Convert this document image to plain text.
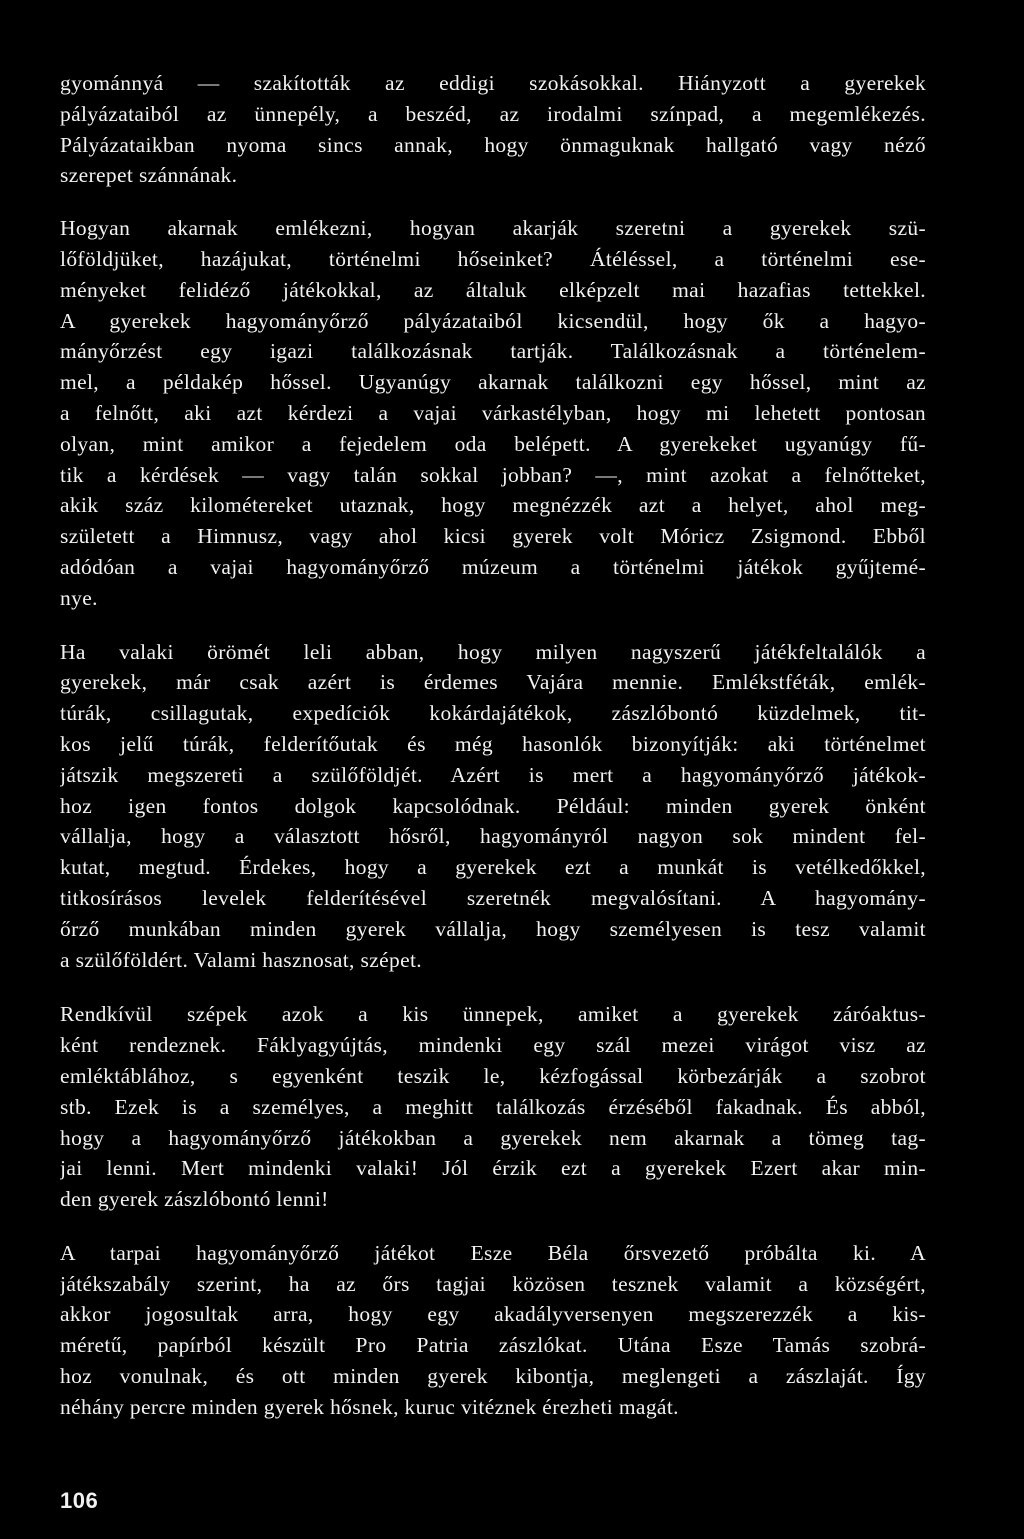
gyománnyá — szakították az eddigi szokásokkal. Hiányzott a gyerekek
pályázataiból az ünnepély, a beszéd, az irodalmi színpad, a megemlékezés.
Pályázataikban nyoma sincs annak, hogy önmaguknak hallgató vagy néző
szerepet szánnának.

Hogyan akarnak emlékezni, hogyan akarják szeretni a gyerekek szü-
lőföldjüket, hazájukat, történelmi hőseinket? Átéléssel, a történelmi ese-
ményeket felidéző játékokkal, az általuk elképzelt mai hazafias tettekkel.
A gyerekek hagyományőrző pályázataiból kicsendül, hogy ők a hagyo-
mányőrzést egy igazi találkozásnak tartják. Találkozásnak a történelem-
mel, a példakép hőssel. Ugyanúgy akarnak találkozni egy hőssel, mint az
a felnőtt, aki azt kérdezi a vajai várkastélyban, hogy mi lehetett pontosan
olyan, mint amikor a fejedelem oda belépett. A gyerekeket ugyanúgy fű-
tik a kérdések — vagy talán sokkal jobban? —, mint azokat a felnőtteket,
akik száz kilométereket utaznak, hogy megnézzék azt a helyet, ahol meg-
született a Himnusz, vagy ahol kicsi gyerek volt Móricz Zsigmond. Ebből
adódóan a vajai hagyományőrző múzeum a történelmi játékok gyűjtemé-
nye.

Ha valaki örömét leli abban, hogy milyen nagyszerű játékfeltalálók a
gyerekek, már csak azért is érdemes Vajára mennie. Emlékstféták, emlék-
túrák, csillagutak, expedíciók kokárdajátékok, zászlóbontó küzdelmek, tit-
kos jelű túrák, felderítőutak és még hasonlók bizonyítják: aki történelmet
játszik megszereti a szülőföldjét. Azért is mert a hagyományőrző játékok-
hoz igen fontos dolgok kapcsolódnak. Például: minden gyerek önként
vállalja, hogy a választott hősről, hagyományról nagyon sok mindent fel-
kutat, megtud. Érdekes, hogy a gyerekek ezt a munkát is vetélkedőkkel,
titkosírásos levelek felderítésével szeretnék megvalósítani. A hagyomány-
őrző munkában minden gyerek vállalja, hogy személyesen is tesz valamit
a szülőföldért. Valami hasznosat, szépet.

Rendkívül szépek azok a kis ünnepek, amiket a gyerekek záróaktus-
ként rendeznek. Fáklyagyújtás, mindenki egy szál mezei virágot visz az
emléktáblához, s egyenként teszik le, kézfogással körbezárják a szobrot
stb. Ezek is a személyes, a meghitt találkozás érzéséből fakadnak. És abból,
hogy a hagyományőrző játékokban a gyerekek nem akarnak a tömeg tag-
jai lenni. Mert mindenki valaki! Jól érzik ezt a gyerekek Ezert akar min-
den gyerek zászlóbontó lenni!

A tarpai hagyományőrző játékot Esze Béla őrsvezető próbálta ki. A
játékszabály szerint, ha az őrs tagjai közösen tesznek valamit a községért,
akkor jogosultak arra, hogy egy akadályversenyen megszerezzék a kis-
méretű, papírból készült Pro Patria zászlókat. Utána Esze Tamás szobrá-
hoz vonulnak, és ott minden gyerek kibontja, meglengeti a zászlaját. Így
néhány percre minden gyerek hősnek, kuruc vitéznek érezheti magát.

106
